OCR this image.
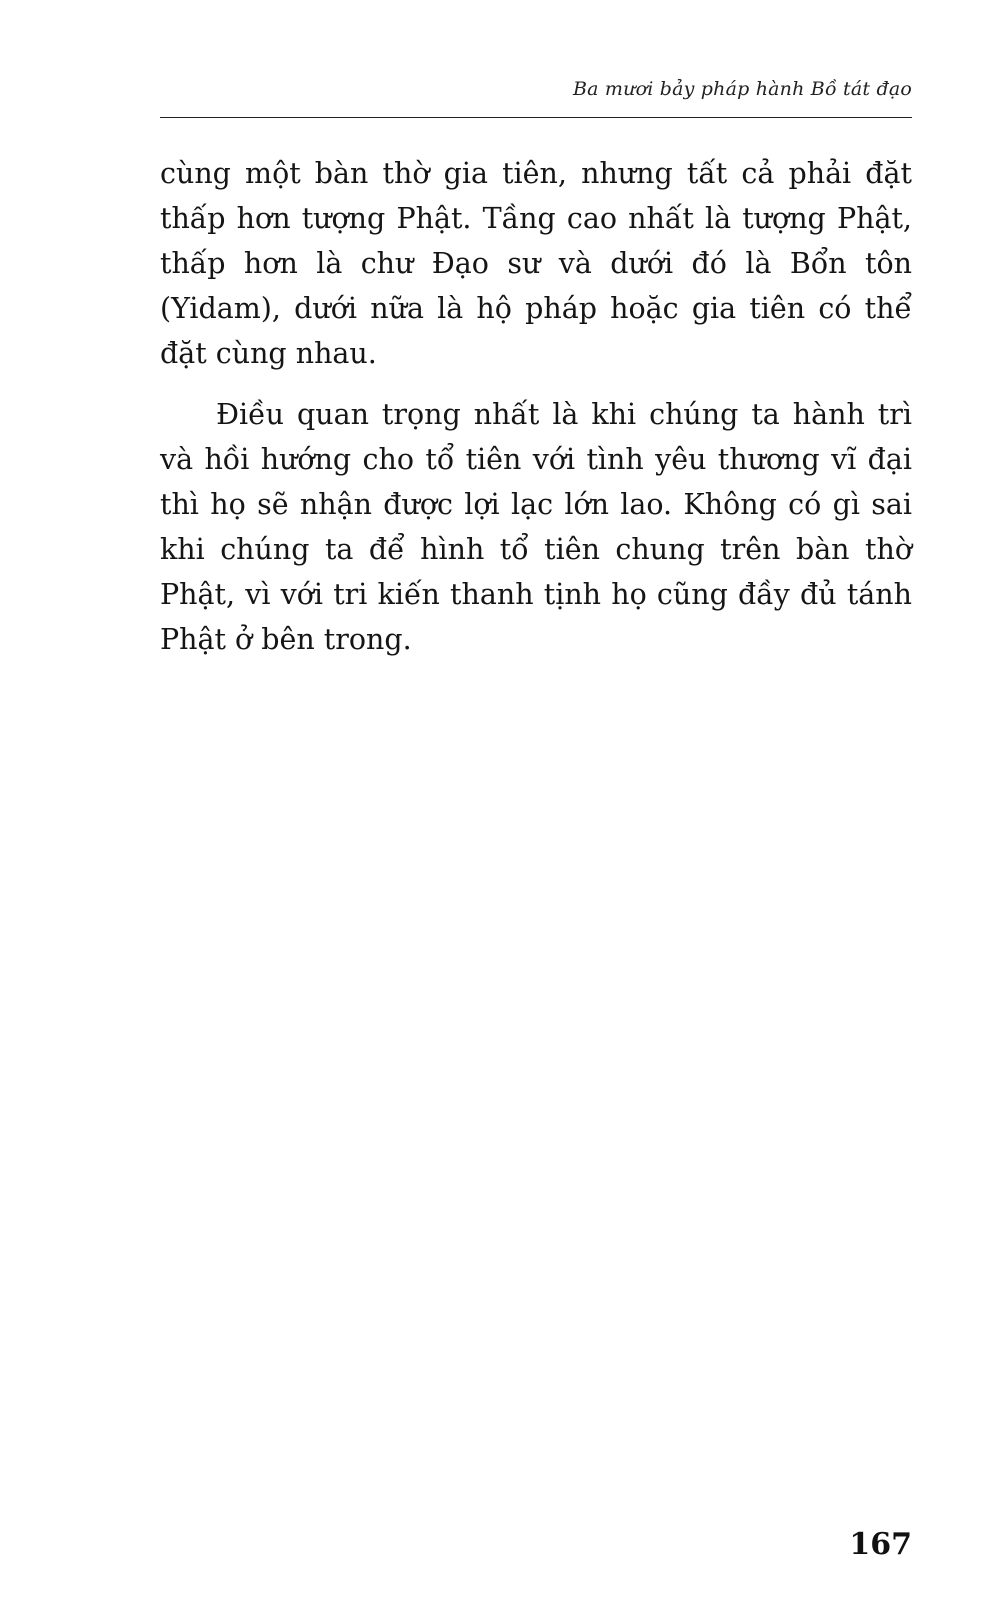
Ba mươi bảy pháp hành Bồ tát đạo

cùng một bàn thờ gia tiên, nhưng tất cả phải đặt thấp hơn tượng Phật. Tầng cao nhất là tượng Phật, thấp hơn là chư Đạo sư và dưới đó là Bổn tôn (Yidam), dưới nữa là hộ pháp hoặc gia tiên có thể đặt cùng nhau.

Điều quan trọng nhất là khi chúng ta hành trì và hồi hướng cho tổ tiên với tình yêu thương vĩ đại thì họ sẽ nhận được lợi lạc lớn lao. Không có gì sai khi chúng ta để hình tổ tiên chung trên bàn thờ Phật, vì với tri kiến thanh tịnh họ cũng đầy đủ tánh Phật ở bên trong.

167
